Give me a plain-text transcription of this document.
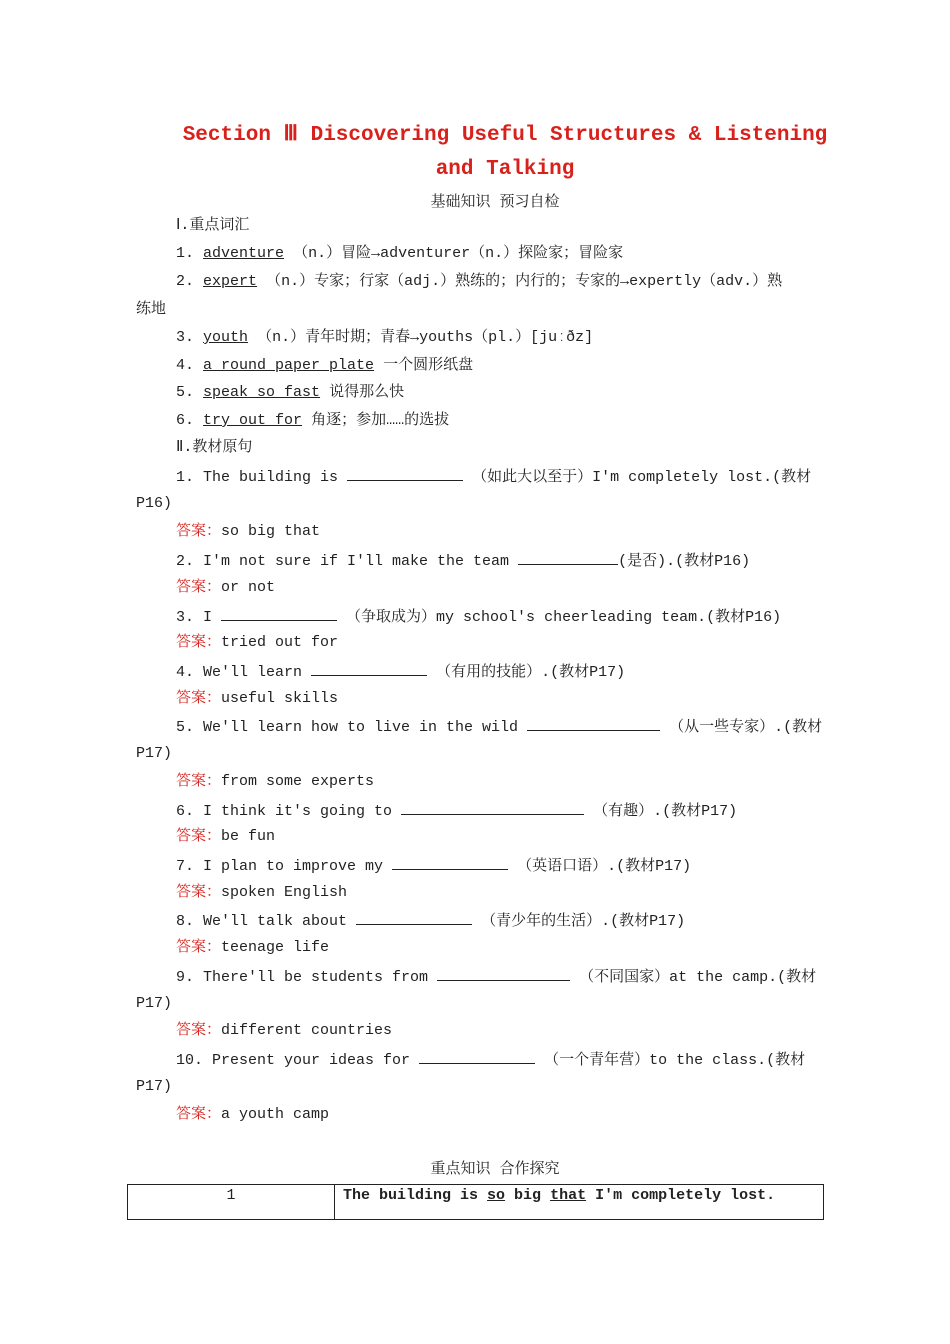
Section Ⅲ Discovering Useful Structures & Listening
and Talking
基础知识 预习自检
Ⅰ.重点词汇
1. adventure （n.）冒险→adventurer（n.）探险家；冒险家
2. expert （n.）专家；行家（adj.）熟练的；内行的；专家的→expertly（adv.）熟
练地
3. youth （n.）青年时期；青春→youths（pl.）[juːðz]
4. a round paper plate 一个圆形纸盘
5. speak so fast 说得那么快
6. try out for 角逐；参加……的选拔
Ⅱ.教材原句
1. The building is	（如此大以至于）I'm completely lost.(教材
P16)
答案：so big that
2. I'm not sure if I'll make the team	(是否).(教材P16)
答案：or not
3. I	（争取成为）my school's cheerleading team.(教材P16)
答案：tried out for
4. We'll learn	（有用的技能）.(教材P17)
答案：useful skills
5. We'll learn how to live in the wild	（从一些专家）.(教材
P17)
答案：from some experts
6. I think it's going to	（有趣）.(教材P17)
答案：be fun
7. I plan to improve my	（英语口语）.(教材P17)
答案：spoken English
8. We'll talk about	（青少年的生活）.(教材P17)
答案：teenage life
9. There'll be students from	（不同国家）at the camp.(教材
P17)
答案：different countries
10. Present your ideas for	（一个青年营）to the class.(教材
P17)
答案：a youth camp
重点知识 合作探究
1	The building is so big that I'm completely lost.
